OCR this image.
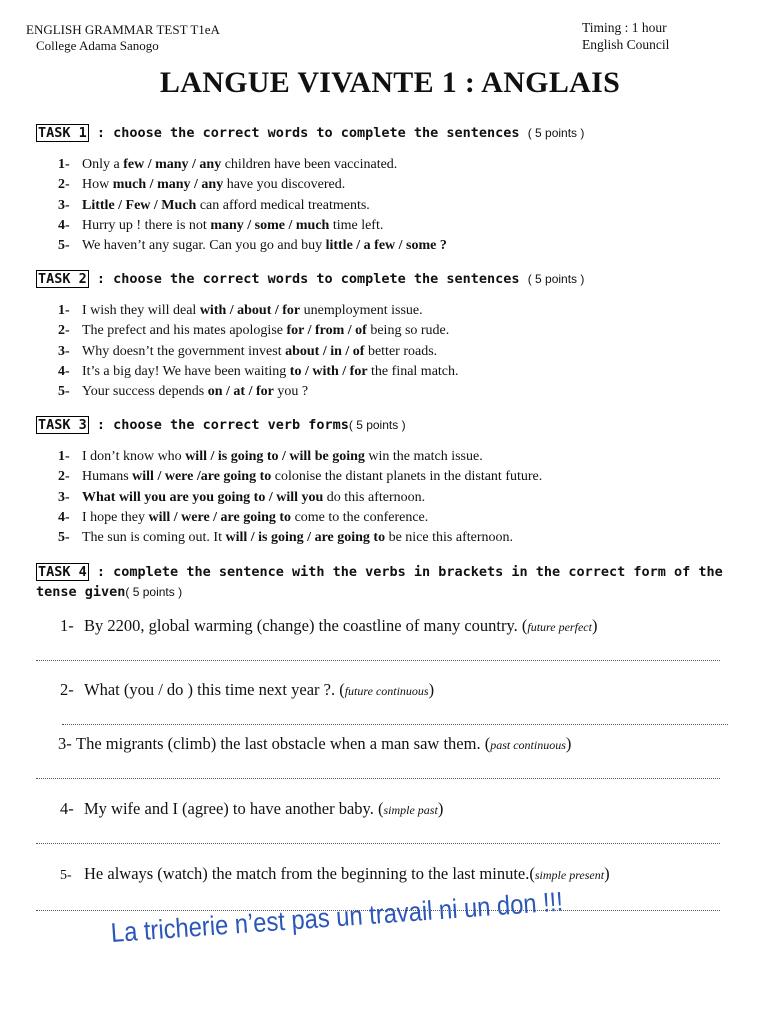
ENGLISH GRAMMAR TEST T1eA
College Adama Sanogo
Timing : 1 hour
English Council
LANGUE VIVANTE 1 : ANGLAIS
TASK 1 : choose the correct words to complete the sentences ( 5 points )
1- Only a few / many / any children have been vaccinated.
2- How much / many / any have you discovered.
3- Little / Few / Much can afford medical treatments.
4- Hurry up ! there is not many / some / much time left.
5- We haven’t any sugar. Can you go and buy little / a few / some ?
TASK 2 : choose the correct words to complete the sentences ( 5 points )
1- I wish they will deal with / about / for unemployment issue.
2- The prefect and his mates apologise for / from / of being so rude.
3- Why doesn’t the government invest about / in / of better roads.
4- It’s a big day! We have been waiting to / with / for the final match.
5- Your success depends on / at / for you ?
TASK 3 : choose the correct verb forms( 5 points )
1- I don’t know who will / is going to / will be going win the match issue.
2- Humans will / were /are going to colonise the distant planets in the distant future.
3- What will you are you going to / will you do this afternoon.
4- I hope they will / were / are going to come to the conference.
5- The sun is coming out. It will / is going / are going to be nice this afternoon.
TASK 4 : complete the sentence with the verbs in brackets in the correct form of the tense given( 5 points )
1- By 2200, global warming (change) the coastline of many country. (future perfect)
2- What (you / do ) this time next year ?. (future continuous)
3- The migrants (climb) the last obstacle when a man saw them. (past continuous)
4- My wife and I (agree) to have another baby. (simple past)
5- He always (watch) the match from the beginning to the last minute.(simple present)
La tricherie n’est pas un travail ni un don !!!
